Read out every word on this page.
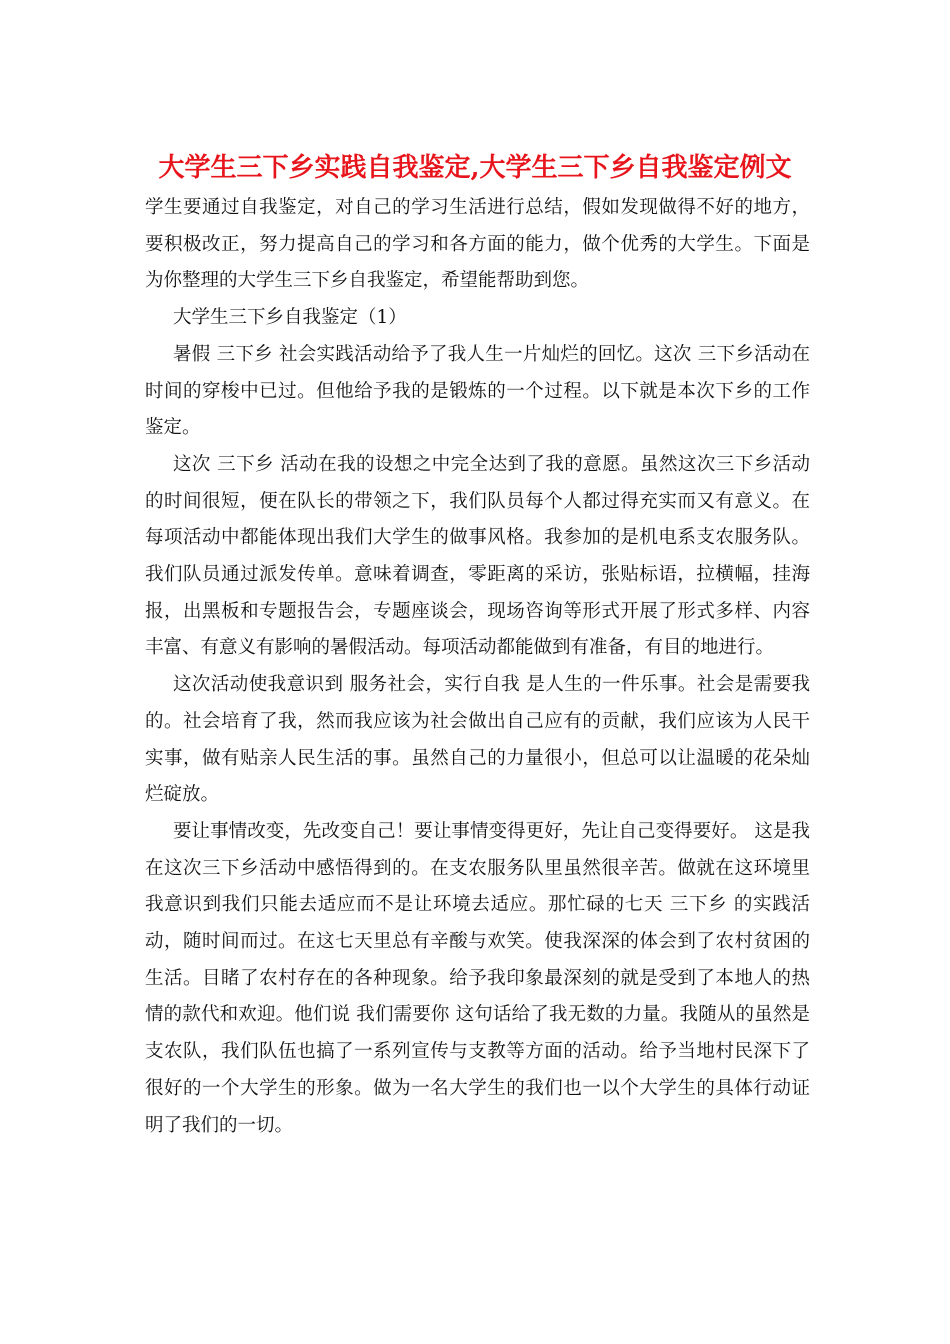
大学生三下乡实践自我鉴定,大学生三下乡自我鉴定例文

学生要通过自我鉴定，对自己的学习生活进行总结，假如发现做得不好的地方，要积极改正，努力提高自己的学习和各方面的能力，做个优秀的大学生。下面是为你整理的大学生三下乡自我鉴定，希望能帮助到您。

大学生三下乡自我鉴定（1）

暑假 三下乡 社会实践活动给予了我人生一片灿烂的回忆。这次 三下乡活动在时间的穿梭中已过。但他给予我的是锻炼的一个过程。以下就是本次下乡的工作鉴定。

这次 三下乡 活动在我的设想之中完全达到了我的意愿。虽然这次三下乡活动的时间很短，便在队长的带领之下，我们队员每个人都过得充实而又有意义。在每项活动中都能体现出我们大学生的做事风格。我参加的是机电系支农服务队。我们队员通过派发传单。意味着调查，零距离的采访，张贴标语，拉横幅，挂海报，出黑板和专题报告会，专题座谈会，现场咨询等形式开展了形式多样、内容丰富、有意义有影响的暑假活动。每项活动都能做到有准备，有目的地进行。

这次活动使我意识到 服务社会，实行自我 是人生的一件乐事。社会是需要我的。社会培育了我，然而我应该为社会做出自己应有的贡献，我们应该为人民干实事，做有贴亲人民生活的事。虽然自己的力量很小，但总可以让温暖的花朵灿烂碇放。

要让事情改变，先改变自己！要让事情变得更好，先让自己变得要好。 这是我在这次三下乡活动中感悟得到的。在支农服务队里虽然很辛苦。做就在这环境里我意识到我们只能去适应而不是让环境去适应。那忙碌的七天 三下乡 的实践活动，随时间而过。在这七天里总有辛酸与欢笑。使我深深的体会到了农村贫困的生活。目睹了农村存在的各种现象。给予我印象最深刻的就是受到了本地人的热情的款代和欢迎。他们说 我们需要你 这句话给了我无数的力量。我随从的虽然是支农队，我们队伍也搞了一系列宣传与支教等方面的活动。给予当地村民深下了很好的一个大学生的形象。做为一名大学生的我们也一以个大学生的具体行动证明了我们的一切。
